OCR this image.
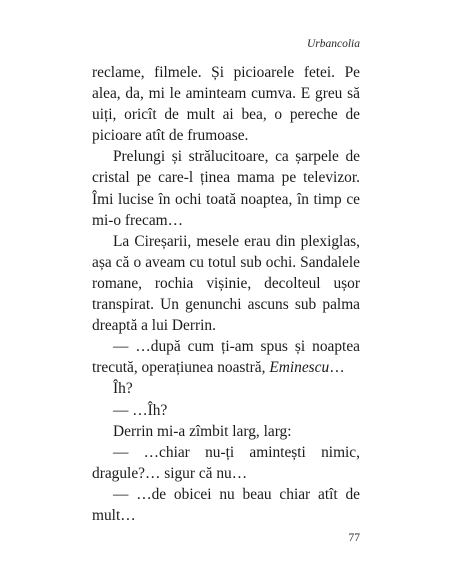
Urbancolia

reclame, filmele. Și picioarele fetei. Pe alea, da, mi le aminteam cumva. E greu să uiți, oricît de mult ai bea, o pereche de picioare atît de frumoase.

Prelungi și strălucitoare, ca șarpele de cristal pe care-l ținea mama pe televizor. Îmi lucise în ochi toată noaptea, în timp ce mi-o frecam…

La Cireșarii, mesele erau din plexiglas, așa că o aveam cu totul sub ochi. Sandalele romane, rochia vișinie, decolteul ușor transpirat. Un genunchi ascuns sub palma dreaptă a lui Derrin.

— …după cum ți-am spus și noaptea trecută, operațiunea noastră, Eminescu…

Îh?

— …Îh?

Derrin mi-a zîmbit larg, larg:

— …chiar nu-ți amintești nimic, dragule?… sigur că nu…

— …de obicei nu beau chiar atît de mult…

77
